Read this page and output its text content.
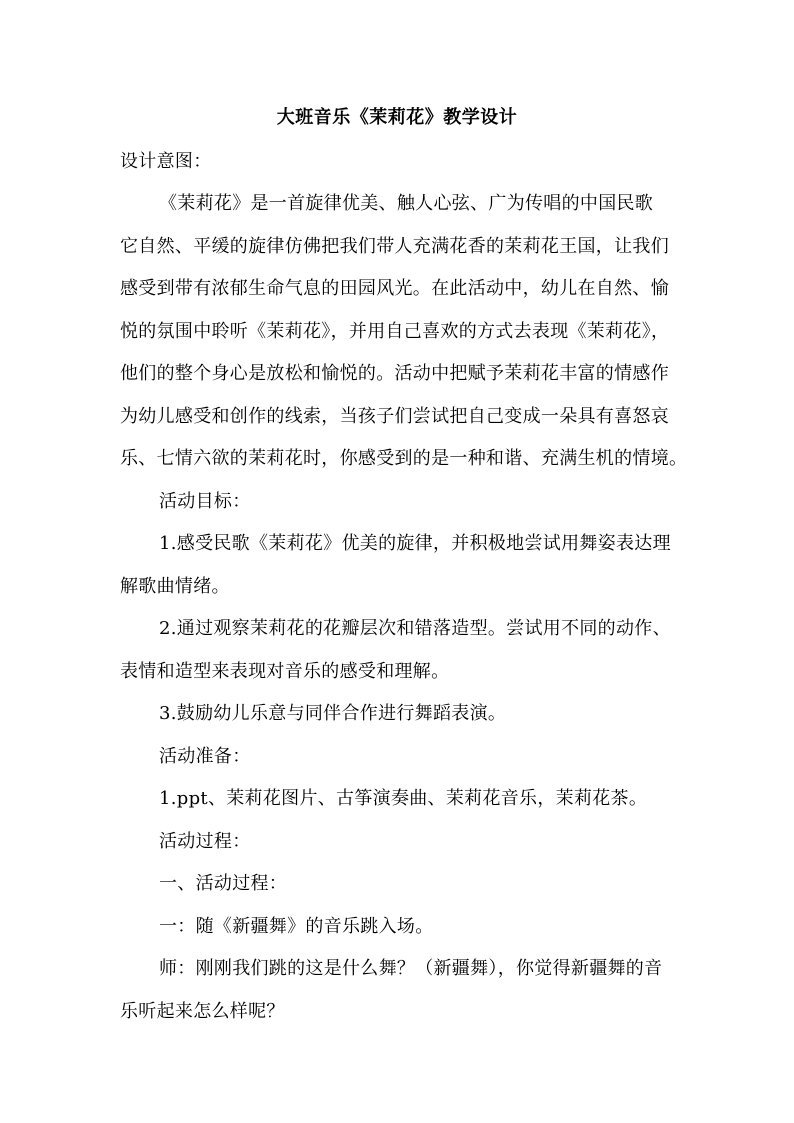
大班音乐《茉莉花》教学设计
设计意图：
《茉莉花》是一首旋律优美、触人心弦、广为传唱的中国民歌
它自然、平缓的旋律仿佛把我们带人充满花香的茉莉花王国，让我们
感受到带有浓郁生命气息的田园风光。在此活动中，幼儿在自然、愉
悦的氛围中聆听《茉莉花》，并用自己喜欢的方式去表现《茉莉花》，
他们的整个身心是放松和愉悦的。活动中把赋予茉莉花丰富的情感作
为幼儿感受和创作的线索，当孩子们尝试把自己变成一朵具有喜怒哀
乐、七情六欲的茉莉花时，你感受到的是一种和谐、充满生机的情境。
活动目标：
1.感受民歌《茉莉花》优美的旋律，并积极地尝试用舞姿表达理
解歌曲情绪。
2.通过观察茉莉花的花瓣层次和错落造型。尝试用不同的动作、
表情和造型来表现对音乐的感受和理解。
3.鼓励幼儿乐意与同伴合作进行舞蹈表演。
活动准备：
1.ppt、茉莉花图片、古筝演奏曲、茉莉花音乐，茉莉花茶。
活动过程：
一、活动过程：
一：随《新疆舞》的音乐跳入场。
师：刚刚我们跳的这是什么舞？（新疆舞），你觉得新疆舞的音
乐听起来怎么样呢？
